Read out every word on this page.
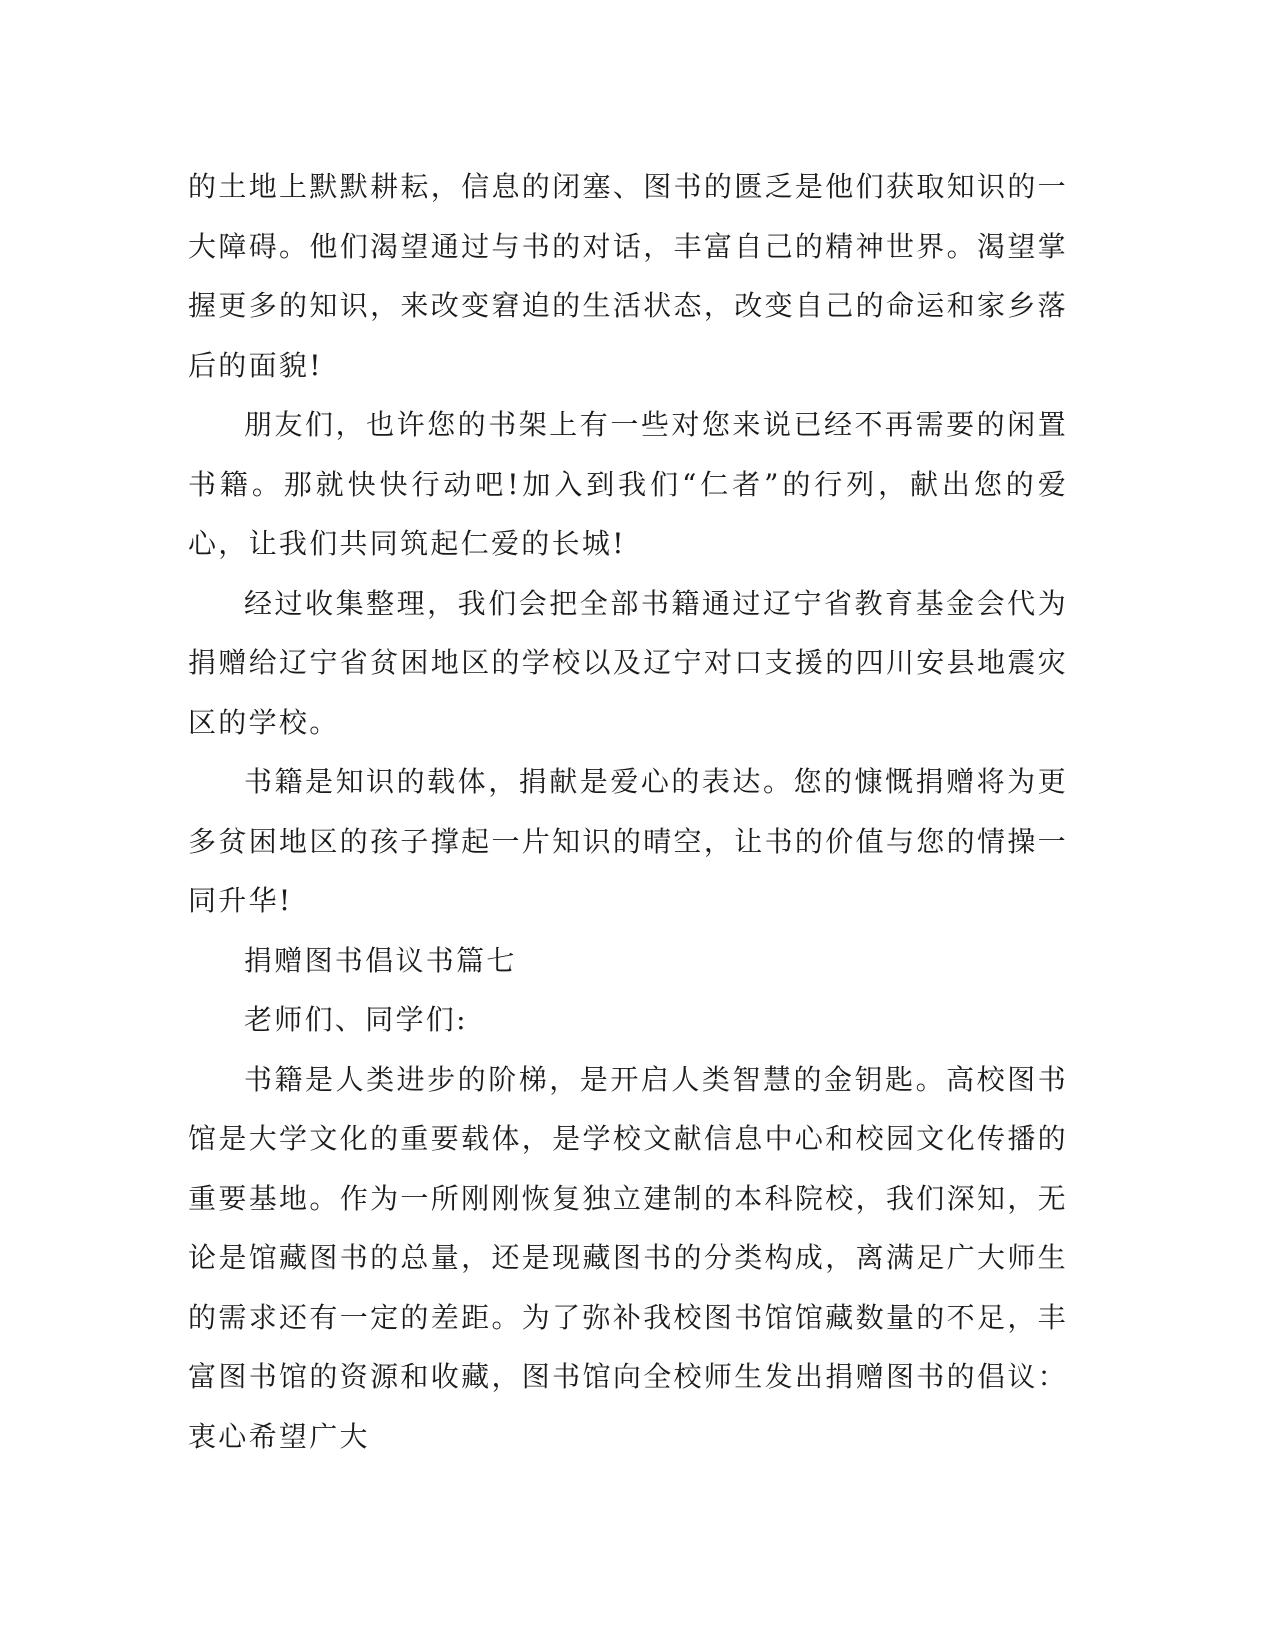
的土地上默默耕耘，信息的闭塞、图书的匮乏是他们获取知识的一大障碍。他们渴望通过与书的对话，丰富自己的精神世界。渴望掌握更多的知识，来改变窘迫的生活状态，改变自己的命运和家乡落后的面貌!

朋友们，也许您的书架上有一些对您来说已经不再需要的闲置书籍。那就快快行动吧!加入到我们“仁者”的行列，献出您的爱心，让我们共同筑起仁爱的长城!

经过收集整理，我们会把全部书籍通过辽宁省教育基金会代为捐赠给辽宁省贫困地区的学校以及辽宁对口支援的四川安县地震灾区的学校。

书籍是知识的载体，捐献是爱心的表达。您的慷慨捐赠将为更多贫困地区的孩子撑起一片知识的晴空，让书的价值与您的情操一同升华!

捐赠图书倡议书篇七

老师们、同学们:

书籍是人类进步的阶梯，是开启人类智慧的金钥匙。高校图书馆是大学文化的重要载体，是学校文献信息中心和校园文化传播的重要基地。作为一所刚刚恢复独立建制的本科院校，我们深知，无论是馆藏图书的总量，还是现藏图书的分类构成，离满足广大师生的需求还有一定的差距。为了弥补我校图书馆馆藏数量的不足，丰富图书馆的资源和收藏，图书馆向全校师生发出捐赠图书的倡议：衷心希望广大
